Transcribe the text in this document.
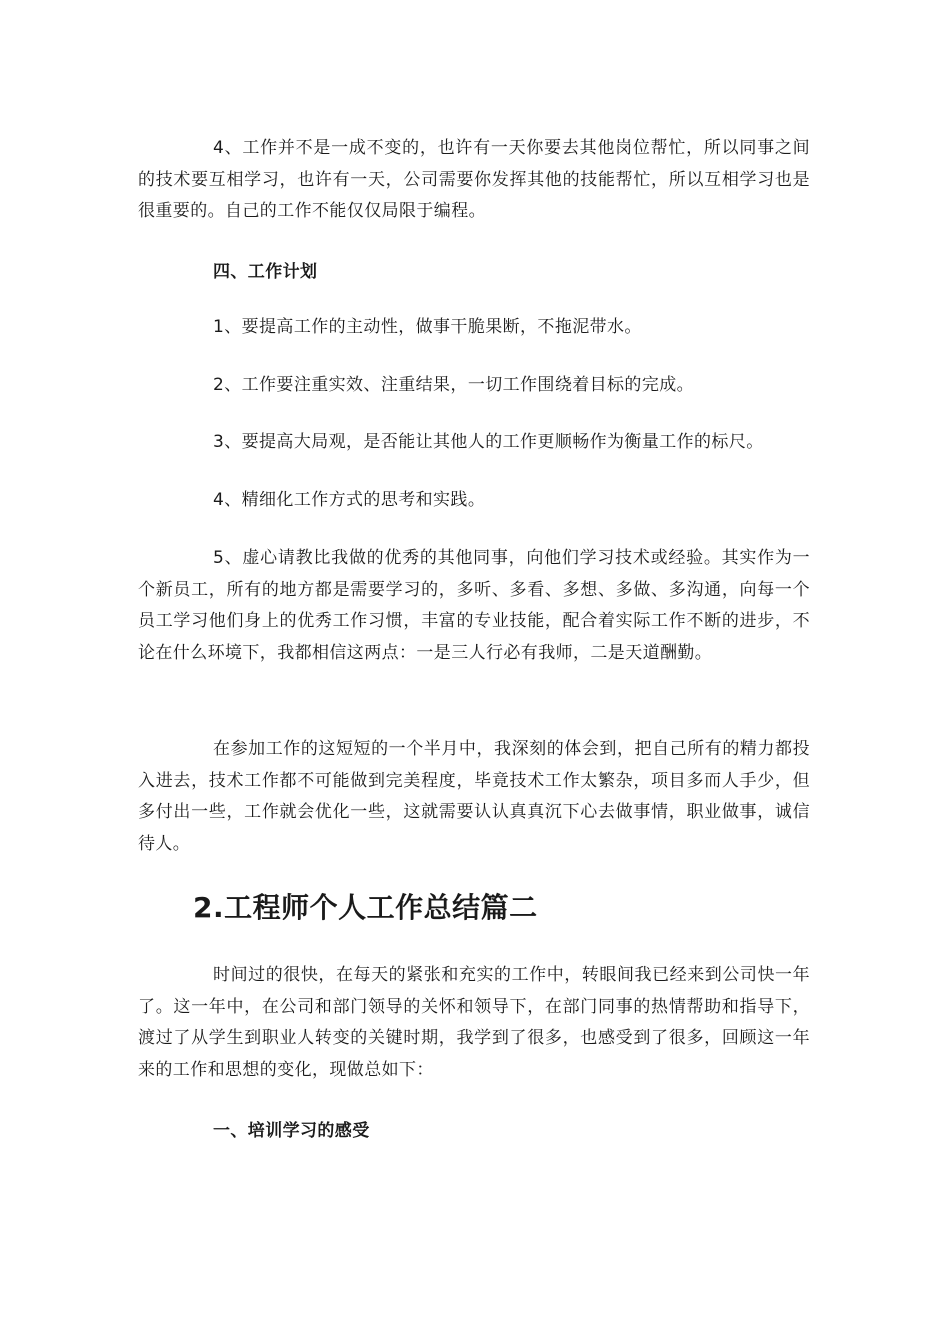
4、工作并不是一成不变的，也许有一天你要去其他岗位帮忙，所以同事之间的技术要互相学习，也许有一天，公司需要你发挥其他的技能帮忙，所以互相学习也是很重要的。自己的工作不能仅仅局限于编程。

四、工作计划

1、要提高工作的主动性，做事干脆果断，不拖泥带水。

2、工作要注重实效、注重结果，一切工作围绕着目标的完成。

3、要提高大局观，是否能让其他人的工作更顺畅作为衡量工作的标尺。

4、精细化工作方式的思考和实践。

5、虚心请教比我做的优秀的其他同事，向他们学习技术或经验。其实作为一个新员工，所有的地方都是需要学习的，多听、多看、多想、多做、多沟通，向每一个员工学习他们身上的优秀工作习惯，丰富的专业技能，配合着实际工作不断的进步，不论在什么环境下，我都相信这两点：一是三人行必有我师，二是天道酬勤。

在参加工作的这短短的一个半月中，我深刻的体会到，把自己所有的精力都投入进去，技术工作都不可能做到完美程度，毕竟技术工作太繁杂，项目多而人手少，但多付出一些，工作就会优化一些，这就需要认认真真沉下心去做事情，职业做事，诚信待人。

2.工程师个人工作总结篇二

时间过的很快，在每天的紧张和充实的工作中，转眼间我已经来到公司快一年了。这一年中，在公司和部门领导的关怀和领导下，在部门同事的热情帮助和指导下，渡过了从学生到职业人转变的关键时期，我学到了很多，也感受到了很多，回顾这一年来的工作和思想的变化，现做总如下：

一、培训学习的感受
